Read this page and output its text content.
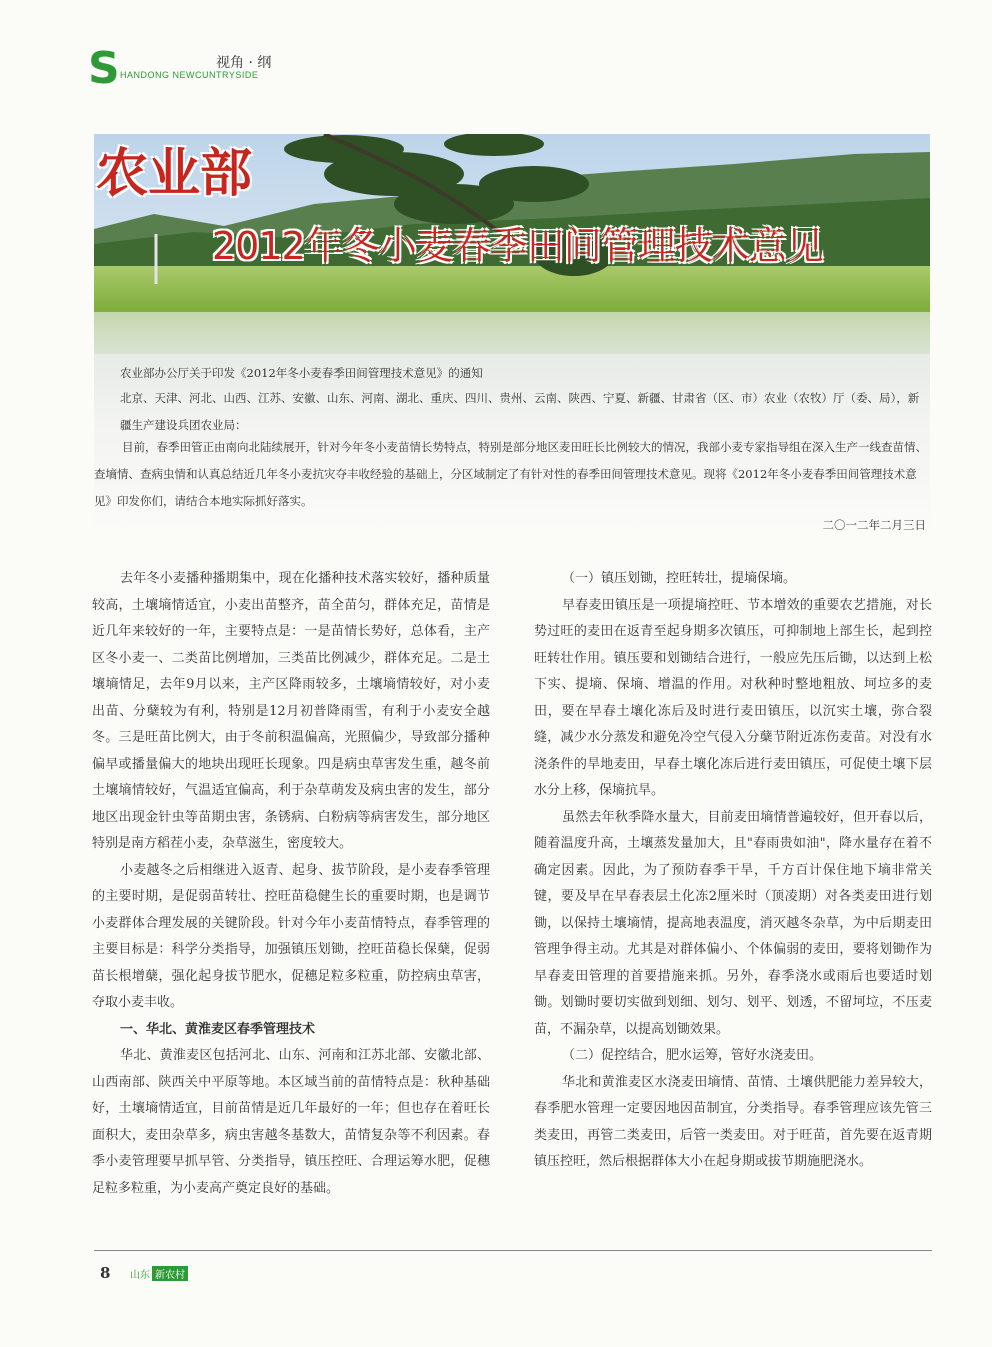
S HANDONG NEWCUNTRYSIDE
视角 · 纲
农业部
2012年冬小麦春季田间管理技术意见

农业部办公厅关于印发《2012年冬小麦春季田间管理技术意见》的通知

北京、天津、河北、山西、江苏、安徽、山东、河南、湖北、重庆、四川、贵州、云南、陕西、宁夏、新疆、甘肃省（区、市）农业（农牧）厅（委、局），新疆生产建设兵团农业局：

目前，春季田管正由南向北陆续展开，针对今年冬小麦苗情长势特点，特别是部分地区麦田旺长比例较大的情况，我部小麦专家指导组在深入生产一线查苗情、查墒情、查病虫情和认真总结近几年冬小麦抗灾夺丰收经验的基础上，分区域制定了有针对性的春季田间管理技术意见。现将《2012年冬小麦春季田间管理技术意见》印发你们，请结合本地实际抓好落实。

二〇一二年二月三日

去年冬小麦播种播期集中，现在化播种技术落实较好，播种质量较高，土壤墒情适宜，小麦出苗整齐，苗全苗匀，群体充足，苗情是近几年来较好的一年，主要特点是：一是苗情长势好，总体看，主产区冬小麦一、二类苗比例增加，三类苗比例减少，群体充足。二是土壤墒情足，去年9月以来，主产区降雨较多，土壤墒情较好，对小麦出苗、分蘖较为有利，特别是12月初普降雨雪，有利于小麦安全越冬。三是旺苗比例大，由于冬前积温偏高，光照偏少，导致部分播种偏早或播量偏大的地块出现旺长现象。四是病虫草害发生重，越冬前土壤墒情较好，气温适宜偏高，利于杂草萌发及病虫害的发生，部分地区出现金针虫等苗期虫害，条锈病、白粉病等病害发生，部分地区特别是南方稻茬小麦，杂草滋生，密度较大。

小麦越冬之后相继进入返青、起身、拔节阶段，是小麦春季管理的主要时期，是促弱苗转壮、控旺苗稳健生长的重要时期，也是调节小麦群体合理发展的关键阶段。针对今年小麦苗情特点，春季管理的主要目标是：科学分类指导，加强镇压划锄，控旺苗稳长保蘖，促弱苗长根增蘖，强化起身拔节肥水，促穗足粒多粒重，防控病虫草害，夺取小麦丰收。

一、华北、黄淮麦区春季管理技术

华北、黄淮麦区包括河北、山东、河南和江苏北部、安徽北部、山西南部、陕西关中平原等地。本区域当前的苗情特点是：秋种基础好，土壤墒情适宜，目前苗情是近几年最好的一年；但也存在着旺长面积大，麦田杂草多，病虫害越冬基数大，苗情复杂等不利因素。春季小麦管理要早抓早管、分类指导，镇压控旺、合理运筹水肥，促穗足粒多粒重，为小麦高产奠定良好的基础。

（一）镇压划锄，控旺转壮，提墒保墒。

早春麦田镇压是一项提墒控旺、节本增效的重要农艺措施，对长势过旺的麦田在返青至起身期多次镇压，可抑制地上部生长，起到控旺转壮作用。镇压要和划锄结合进行，一般应先压后锄，以达到上松下实、提墒、保墒、增温的作用。对秋种时整地粗放、坷垃多的麦田，要在早春土壤化冻后及时进行麦田镇压，以沉实土壤，弥合裂缝，减少水分蒸发和避免冷空气侵入分蘖节附近冻伤麦苗。对没有水浇条件的旱地麦田，早春土壤化冻后进行麦田镇压，可促使土壤下层水分上移，保墒抗旱。

虽然去年秋季降水量大，目前麦田墒情普遍较好，但开春以后，随着温度升高，土壤蒸发量加大，且"春雨贵如油"，降水量存在着不确定因素。因此，为了预防春季干旱，千方百计保住地下墒非常关键，要及早在早春表层土化冻2厘米时（顶凌期）对各类麦田进行划锄，以保持土壤墒情，提高地表温度，消灭越冬杂草，为中后期麦田管理争得主动。尤其是对群体偏小、个体偏弱的麦田，要将划锄作为早春麦田管理的首要措施来抓。另外，春季浇水或雨后也要适时划锄。划锄时要切实做到划细、划匀、划平、划透，不留坷垃，不压麦苗，不漏杂草，以提高划锄效果。

（二）促控结合，肥水运筹，管好水浇麦田。

华北和黄淮麦区水浇麦田墒情、苗情、土壤供肥能力差异较大，春季肥水管理一定要因地因苗制宜，分类指导。春季管理应该先管三类麦田，再管二类麦田，后管一类麦田。对于旺苗，首先要在返青期镇压控旺，然后根据群体大小在起身期或拔节期施肥浇水。

8 山东 新农村
